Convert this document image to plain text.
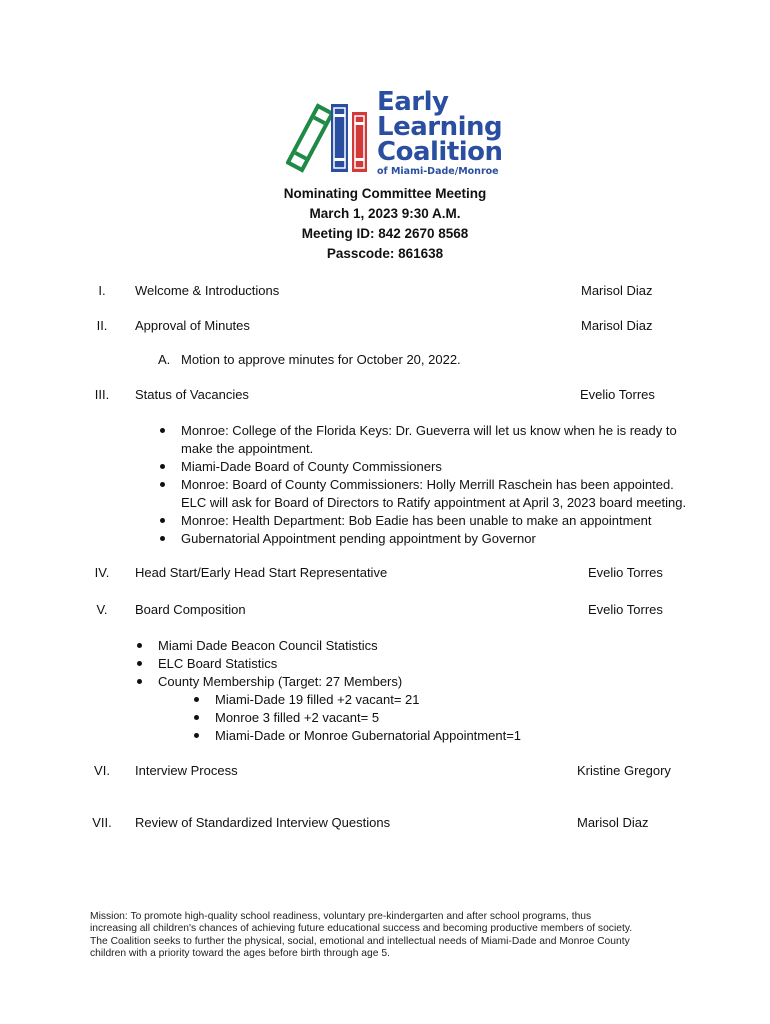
Early
Learning
Coalition
of Miami-Dade/Monroe
Nominating Committee Meeting
March 1, 2023 9:30 A.M.
Meeting ID: 842 2670 8568
Passcode: 861638
I.	Welcome & Introductions	Marisol Diaz
II.	Approval of Minutes	Marisol Diaz
A. Motion to approve minutes for October 20, 2022.
III.	Status of Vacancies	Evelio Torres
Monroe: College of the Florida Keys: Dr. Gueverra will let us know when he is ready to
make the appointment.
Miami-Dade Board of County Commissioners
Monroe: Board of County Commissioners: Holly Merrill Raschein has been appointed.
ELC will ask for Board of Directors to Ratify appointment at April 3, 2023 board meeting.
Monroe: Health Department: Bob Eadie has been unable to make an appointment
Gubernatorial Appointment pending appointment by Governor
IV.	Head Start/Early Head Start Representative	Evelio Torres
V.	Board Composition	Evelio Torres
Miami Dade Beacon Council Statistics
ELC Board Statistics
County Membership (Target: 27 Members)
Miami-Dade 19 filled +2 vacant= 21
Monroe 3 filled +2 vacant= 5
Miami-Dade or Monroe Gubernatorial Appointment=1
VI.	Interview Process	Kristine Gregory
VII.	Review of Standardized Interview Questions	Marisol Diaz
Mission: To promote high-quality school readiness, voluntary pre-kindergarten and after school programs, thus
increasing all children's chances of achieving future educational success and becoming productive members of society.
The Coalition seeks to further the physical, social, emotional and intellectual needs of Miami-Dade and Monroe County
children with a priority toward the ages before birth through age 5.
